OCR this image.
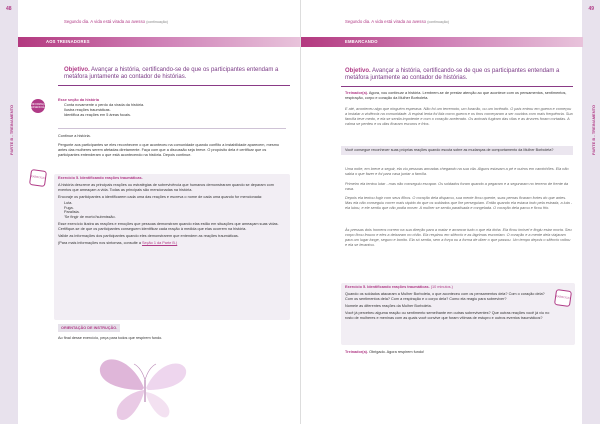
PARTE B - TREINAMENTO
48
Segundo dia. A vida está virada ao avesso (continuação)
AOS TREINADORES
Objetivo. Avançar a história, certificando-se de que os participantes entendam a metáfora juntamente ao contador de histórias.
INFORMAÇÃO ESSENCIAL
Esse seção da história
Conta novamente o perdo da virada da história.
Ilustra reações traumáticas.
Identifica as reações em 5 áreas focais.
Continue a história.
Pergunte aos participantes se eles reconhecem o que aconteceu na comunidade quando conflito a instabilidade aparecem, mesmo antes das mulheres serem afetadas diretamente. Faça com que a discussão seja breve. O propósito dela é certificar que os participantes entenderam o que está acontecendo na história. Depois continue.
EXERCÍCIO	Exercício 5. Identificando reações traumáticas.
A história descreve as principais reações ou estratégias de sobrevivência que humanos demonstraram quando se deparam com eventos que ameaçam a vida. Todas as principais são mencionadas na história.
Encoraje os participantes a identificarem cada uma das reações e escreva o nome de cada uma quando for mencionada:
Luta.
Fuga.
Paralisia.
'Se fingir de morto'/submissão.
Esse exercício ilustra as reações e emoções que pessoas demonstram quando elas estão em situações que ameaçam suas vidas. Certifique-se de que os participantes conseguem identificar cada reação à medida que elas ocorrem na história.
Valide as informações dos participantes quando eles demonstrarem que entendem as reações traumáticas.
(Para mais informações nos sintomas, consulte a Seção 1 da Parte B.)
ORIENTAÇÃO DE INSTRUÇÃO.
Ao final desse exercício, peça para todos que respirem fundo.
PARTE B - TREINAMENTO
49
Segundo dia. A vida está virada ao avesso (continuação)
EMBARCANDO
Objetivo. Avançar a história, certificando-se de que os participantes entendam a metáfora juntamente ao contador de histórias.
Treinador(a). Agora, vou continuar a história. Lembrem-se de prestar atenção ao que acontece com os pensamentos, sentimentos, respiração, corpo e coração da Mulher Borboleta.
E até, aconteceu algo que ninguém esperava. Não foi um terremoto, um furacão, ou um incêndio. O país entrou em guerra e começou a instalar a violência na comunidade. A espiral lenta foi lida como guerra e os tiros começaram a ser ouvidos com mais frequência. Sua família teve medo, e ela se sentia impotente e com o coração acelerado. Os animais fugiram das vilas e as árvores foram cortadas. A calma se perdeu e os dias ficaram escuros e frios.
Você consegue reconhecer suas próprias reações quando escuta sobre as mudanças de comportamento da Mulher Borboleta?
Uma noite, em breve a seguir, ela viu pessoas armadas chegando na sua vila. Alguns estavam a pé e outros em caminhões. Ela não sabia o que fazer e foi para casa juntar a família.
Primeiro ela tentou lutar - mas não conseguiu escapar. Os soldados foram quando a pegaram e a seguraram no terreno de frente da casa.
Depois ela tentou fugir com seus filhos. O coração dela disparou, sua mente ficou quente, suas pernas ficaram fortes do que antes. Mas ela não conseguiu correr mais rápido do que os soldados que lhe perseguiam. Então quando ela estava indo pela estrada, a luta - ela lutou, e ele sentiu que não podia mover. A mulher se sentiu paralisada e congelada. O coração dela parou e ficou frio.
Às pressas dois homens correm na sua direção para a matar e arrancar tudo o que ela tinha. Ela ficou imóvel e fingiu estar morta. Seu corpo ficou frouxo e eles a deixaram no chão. Ela respirou em silêncio e as lágrimas escorriam. O coração e a mente dela viajaram para um lugar longe, seguro e bonito. Ela só sentia, sem a força ou a forma de dizer o que passou. Um tempo depois o silêncio voltou e ela se levantou.
EXERCÍCIO
Exercício 5. Identificando reações traumáticas. (10 minutos.)
Quando os soldados atacaram a Mulher Borboleta, o que aconteceu com os pensamentos dela? Com o coração dela? Com os sentimentos dela? Com a respiração e o corpo dela? Como ela reagiu para sobreviver?
Nomeie as diferentes reações da Mulher Borboleta.
Você já percebeu alguma reação ou sentimento semelhante em outras sobreviventes? Que outras reações você já viu no rosto de mulheres e meninas com as quais você convive que foram vítimas de estupro e outros eventos traumáticos?
Treinador(a). Obrigado. Agora respirem fundo!
